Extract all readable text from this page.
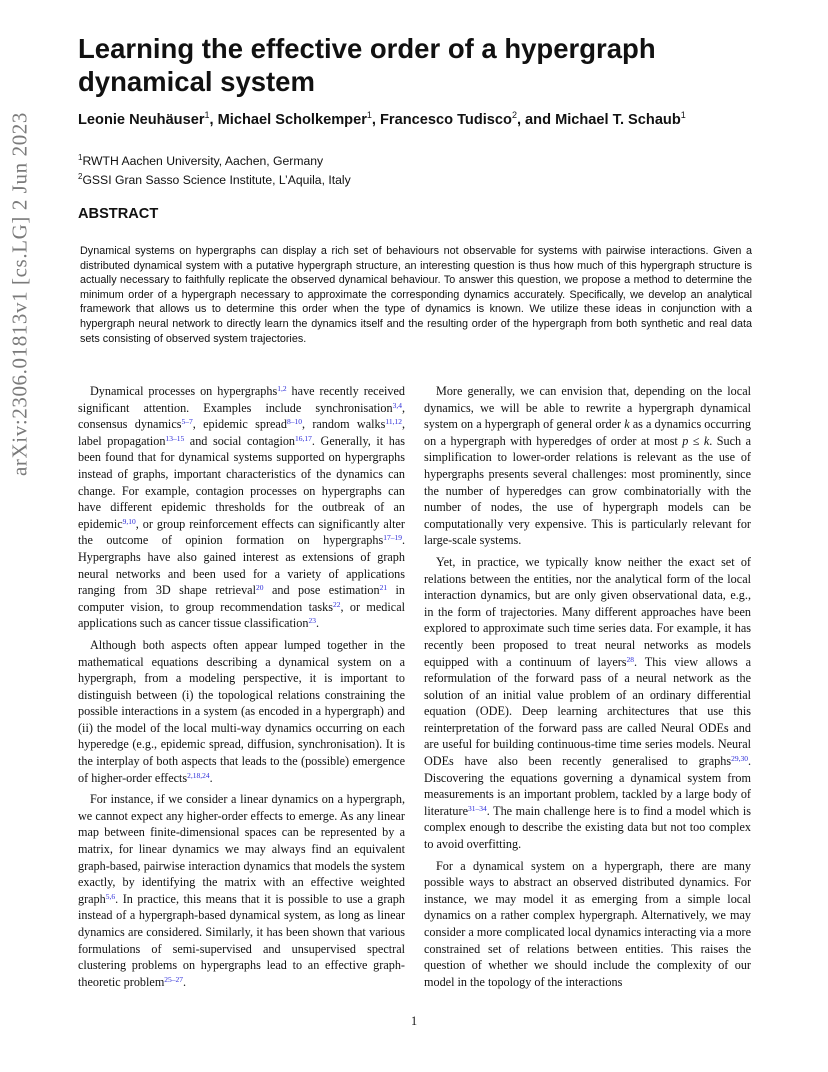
arXiv:2306.01813v1 [cs.LG] 2 Jun 2023
Learning the effective order of a hypergraph dynamical system
Leonie Neuhäuser$^1$, Michael Scholkemper$^1$, Francesco Tudisco$^2$, and Michael T. Schaub$^1$
$^1$RWTH Aachen University, Aachen, Germany
$^2$GSSI Gran Sasso Science Institute, L’Aquila, Italy
ABSTRACT

Dynamical systems on hypergraphs can display a rich set of behaviours not observable for systems with pairwise interactions. Given a distributed dynamical system with a putative hypergraph structure, an interesting question is thus how much of this hypergraph structure is actually necessary to faithfully replicate the observed dynamical behaviour. To answer this question, we propose a method to determine the minimum order of a hypergraph necessary to approximate the corresponding dynamics accurately. Specifically, we develop an analytical framework that allows us to determine this order when the type of dynamics is known. We utilize these ideas in conjunction with a hypergraph neural network to directly learn the dynamics itself and the resulting order of the hypergraph from both synthetic and real data sets consisting of observed system trajectories.

Dynamical processes on hypergraphs$^{1,2}$ have recently received significant attention. Examples include synchronisation$^{3,4}$, consensus dynamics$^{5-7}$, epidemic spread$^{8-10}$, random walks$^{11,12}$, label propagation$^{13-15}$ and social contagion$^{16,17}$. Generally, it has been found that for dynamical systems supported on hypergraphs instead of graphs, important characteristics of the dynamics can change. For example, contagion processes on hypergraphs can have different epidemic thresholds for the outbreak of an epidemic$^{9,10}$, or group reinforcement effects can significantly alter the outcome of opinion formation on hypergraphs$^{17-19}$. Hypergraphs have also gained interest as extensions of graph neural networks and been used for a variety of applications ranging from 3D shape retrieval$^{20}$ and pose estimation$^{21}$ in computer vision, to group recommendation tasks$^{22}$, or medical applications such as cancer tissue classification$^{23}$.

Although both aspects often appear lumped together in the mathematical equations describing a dynamical system on a hypergraph, from a modeling perspective, it is important to distinguish between (i) the topological relations constraining the possible interactions in a system (as encoded in a hypergraph) and (ii) the model of the local multi-way dynamics occurring on each hyperedge (e.g., epidemic spread, diffusion, synchronisation). It is the interplay of both aspects that leads to the (possible) emergence of higher-order effects$^{2,18,24}$.

For instance, if we consider a linear dynamics on a hypergraph, we cannot expect any higher-order effects to emerge. As any linear map between finite-dimensional spaces can be represented by a matrix, for linear dynamics we may always find an equivalent graph-based, pairwise interaction dynamics that models the system exactly, by identifying the matrix with an effective weighted graph$^{5,6}$. In practice, this means that it is possible to use a graph instead of a hypergraph-based dynamical system, as long as linear dynamics are considered. Similarly, it has been shown that various formulations of semi-supervised and unsupervised spectral clustering problems on hypergraphs lead to an effective graph-theoretic problem$^{25-27}$.

More generally, we can envision that, depending on the local dynamics, we will be able to rewrite a hypergraph dynamical system on a hypergraph of general order k as a dynamics occurring on a hypergraph with hyperedges of order at most p ≤ k. Such a simplification to lower-order relations is relevant as the use of hypergraphs presents several challenges: most prominently, since the number of hyperedges can grow combinatorially with the number of nodes, the use of hypergraph models can be computationally very expensive. This is particularly relevant for large-scale systems.

Yet, in practice, we typically know neither the exact set of relations between the entities, nor the analytical form of the local interaction dynamics, but are only given observational data, e.g., in the form of trajectories. Many different approaches have been explored to approximate such time series data. For example, it has recently been proposed to treat neural networks as models equipped with a continuum of layers$^{28}$. This view allows a reformulation of the forward pass of a neural network as the solution of an initial value problem of an ordinary differential equation (ODE). Deep learning architectures that use this reinterpretation of the forward pass are called Neural ODEs and are useful for building continuous-time time series models. Neural ODEs have also been recently generalised to graphs$^{29,30}$. Discovering the equations governing a dynamical system from measurements is an important problem, tackled by a large body of literature$^{31-34}$. The main challenge here is to find a model which is complex enough to describe the existing data but not too complex to avoid overfitting.

For a dynamical system on a hypergraph, there are many possible ways to abstract an observed distributed dynamics. For instance, we may model it as emerging from a simple local dynamics on a rather complex hypergraph. Alternatively, we may consider a more complicated local dynamics interacting via a more constrained set of relations between entities. This raises the question of whether we should include the complexity of our model in the topology of the interactions

1
